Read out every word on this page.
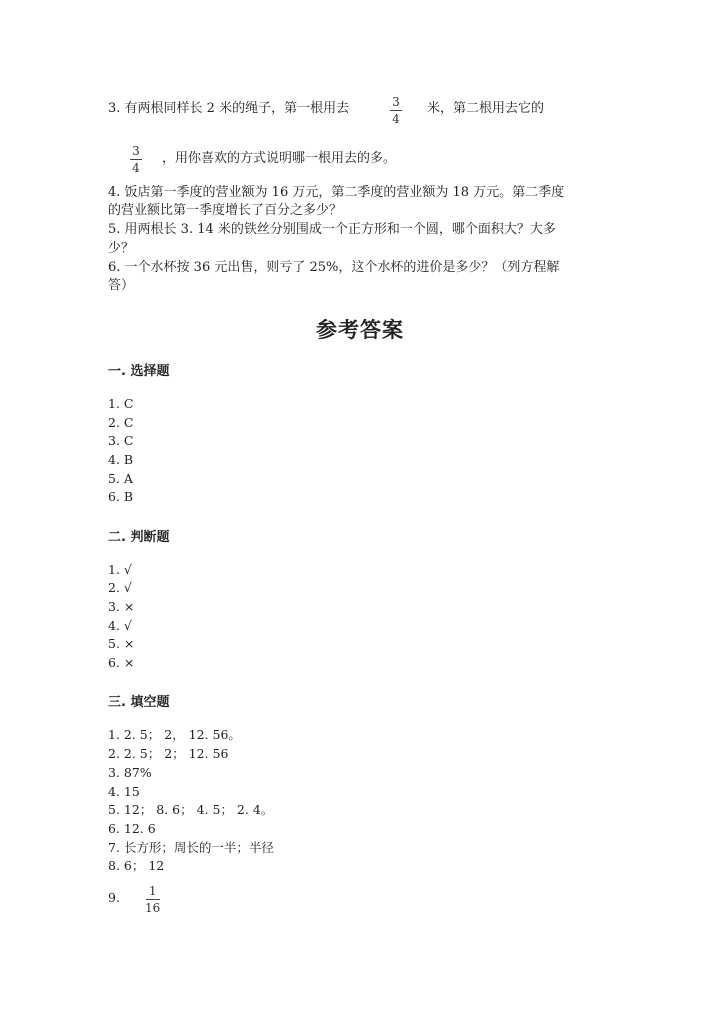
3. 有两根同样长 2 米的绳子，第一根用去	3
4
米，第二根用去它的
3
4
，用你喜欢的方式说明哪一根用去的多。
4. 饭店第一季度的营业额为 16 万元，第二季度的营业额为 18 万元。第二季度
的营业额比第一季度增长了百分之多少？
5. 用两根长 3. 14 米的铁丝分别围成一个正方形和一个圆，哪个面积大？大多
少？
6. 一个水杯按 36 元出售，则亏了 25%，这个水杯的进价是多少？（列方程解
答）
参考答案
一. 选择题
1. C
2. C
3. C
4. B
5. A
6. B
二. 判断题
1. √
2. √
3. ×
4. √
5. ×
6. ×
三. 填空题
1. 2. 5； 2， 12. 56。
2. 2. 5； 2； 12. 56
3. 87%
4. 15
5. 12； 8. 6； 4. 5； 2. 4。
6. 12. 6
7. 长方形；周长的一半；半径
8. 6； 12
9. 1
16
